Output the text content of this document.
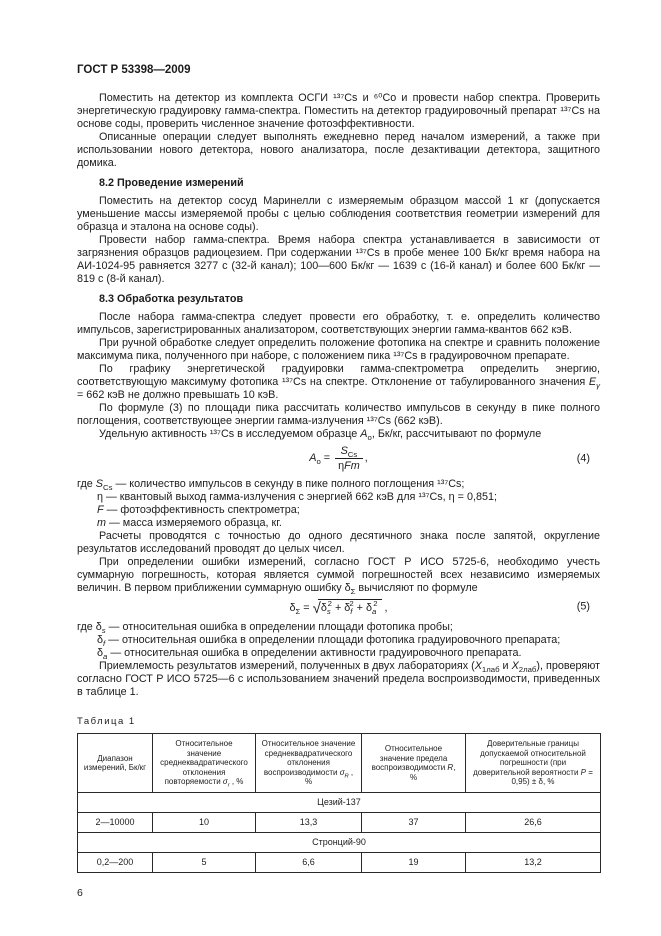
ГОСТ Р 53398—2009

Поместить на детектор из комплекта ОСГИ ¹³⁷Cs и ⁶⁰Co и провести набор спектра. Проверить энергетическую градуировку гамма-спектра. Поместить на детектор градуировочный препарат ¹³⁷Cs на основе соды, проверить численное значение фотоэффективности.

Описанные операции следует выполнять ежедневно перед началом измерений, а также при использовании нового детектора, нового анализатора, после дезактивации детектора, защитного домика.

8.2 Проведение измерений

Поместить на детектор сосуд Маринелли с измеряемым образцом массой 1 кг (допускается уменьшение массы измеряемой пробы с целью соблюдения соответствия геометрии измерений для образца и эталона на основе соды).

Провести набор гамма-спектра. Время набора спектра устанавливается в зависимости от загрязнения образцов радиоцезием. При содержании ¹³⁷Cs в пробе менее 100 Бк/кг время набора на АИ-1024-95 равняется 3277 с (32-й канал); 100—600 Бк/кг — 1639 с (16-й канал) и более 600 Бк/кг — 819 с (8-й канал).

8.3 Обработка результатов

После набора гамма-спектра следует провести его обработку, т. е. определить количество импульсов, зарегистрированных анализатором, соответствующих энергии гамма-квантов 662 кэВ.

При ручной обработке следует определить положение фотопика на спектре и сравнить положение максимума пика, полученного при наборе, с положением пика ¹³⁷Cs в градуировочном препарате.

По графику энергетической градуировки гамма-спектрометра определить энергию, соответствующую максимуму фотопика ¹³⁷Cs на спектре. Отклонение от табулированного значения $E_\gamma = 662$ кэВ не должно превышать 10 кэВ.

По формуле (3) по площади пика рассчитать количество импульсов в секунду в пике полного поглощения, соответствующее энергии гамма-излучения ¹³⁷Cs (662 кэВ).

Удельную активность ¹³⁷Cs в исследуемом образце $A_o$, Бк/кг, рассчитывают по формуле

$A_o = \frac{S_{Cs}}{\text{ηFm}}$ ,	(4)
где $S_{Cs}$ — количество импульсов в секунду в пике полного поглощения ¹³⁷Cs;
η — квантовый выход гамма-излучения с энергией 662 кэВ для ¹³⁷Cs, η = 0,851;
F — фотоэффективность спектрометра;
m — масса измеряемого образца, кг.

Расчеты проводятся с точностью до одного десятичного знака после запятой, округление результатов исследований проводят до целых чисел.

При определении ошибки измерений, согласно ГОСТ Р ИСО 5725-6, необходимо учесть суммарную погрешность, которая является суммой погрешностей всех независимо измеряемых величин. В первом приближении суммарную ошибку $\delta_\Sigma$ вычисляют по формуле

$\delta_\Sigma = √\delta_s^2 + \delta_f^2 + \delta_a^2$ ,	(5)
где $\delta_s$ — относительная ошибка в определении площади фотопика пробы;
$\delta_f$ — относительная ошибка в определении площади фотопика градуировочного препарата;
$\delta_a$ — относительная ошибка в определении активности градуировочного препарата.

Приемлемость результатов измерений, полученных в двух лабораториях ($X_{1лаб}$ и $X_{2лаб}$), проверяют согласно ГОСТ Р ИСО 5725—6 с использованием значений предела воспроизводимости, приведенных в таблице 1.

Таблица 1
Диапазон измерений, Бк/кг	Относительное значение среднеквадратического отклонения повторяемости $\sigma_r$ , %	Относительное значение среднеквадратического отклонения воспроизводимости $\sigma_R$ , %	Относительное значение предела воспроизводимости R, %	Доверительные границы допускаемой относительной погрешности (при доверительной вероятности P = 0,95) ± δ, %
Цезий-137				
2—10000	10	13,3	37	26,6
Стронций-90				
0,2—200	5	6,6	19	13,2
6
